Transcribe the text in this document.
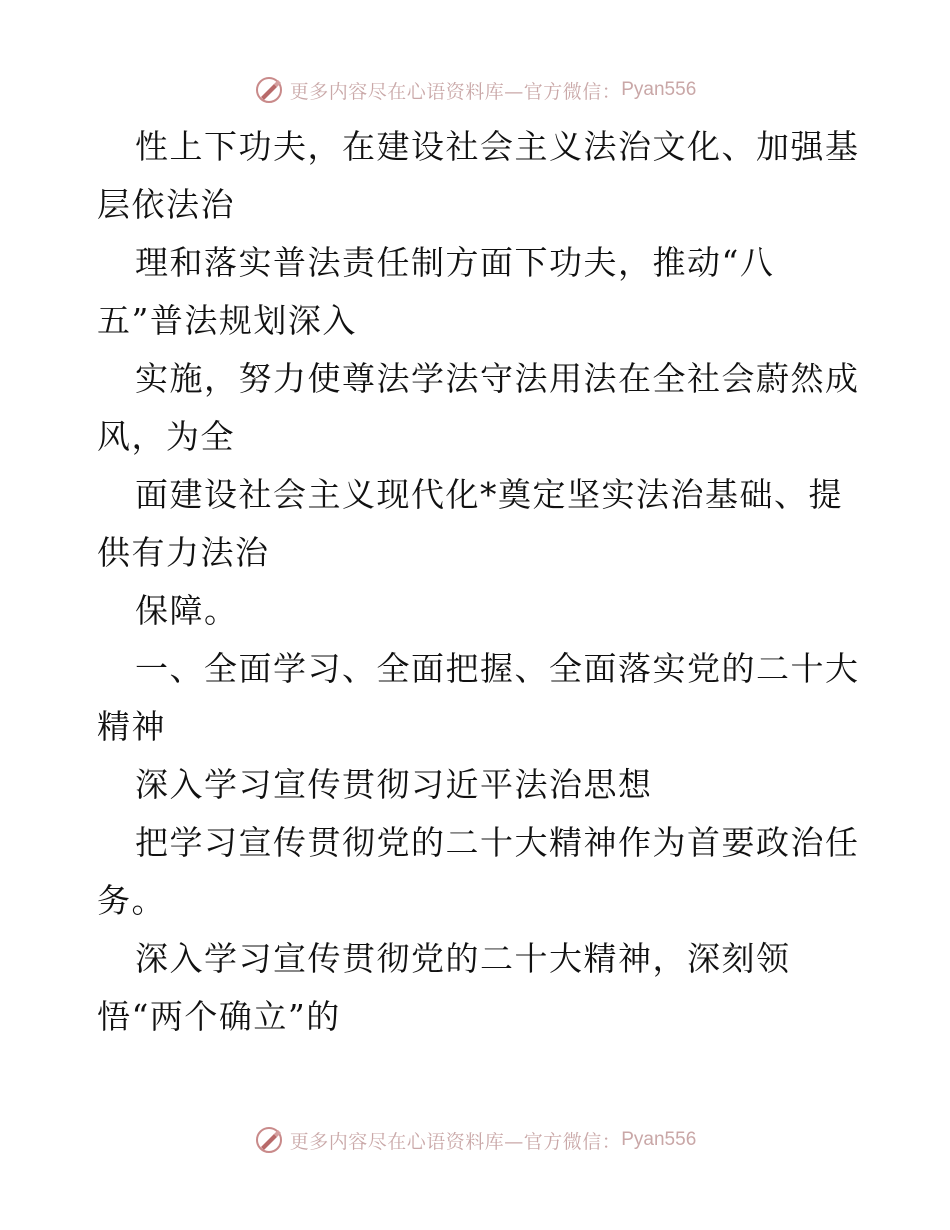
更多内容尽在心语资料库—官方微信： Pyan556
性上下功夫，在建设社会主义法治文化、加强基
层依法治
理和落实普法责任制方面下功夫，推动“八
五”普法规划深入
实施，努力使尊法学法守法用法在全社会蔚然成
风，为全
面建设社会主义现代化*奠定坚实法治基础、提
供有力法治
保障。
一、全面学习、全面把握、全面落实党的二十大
精神
深入学习宣传贯彻习近平法治思想
把学习宣传贯彻党的二十大精神作为首要政治任
务。
深入学习宣传贯彻党的二十大精神，深刻领
悟“两个确立”的
更多内容尽在心语资料库—官方微信： Pyan556
